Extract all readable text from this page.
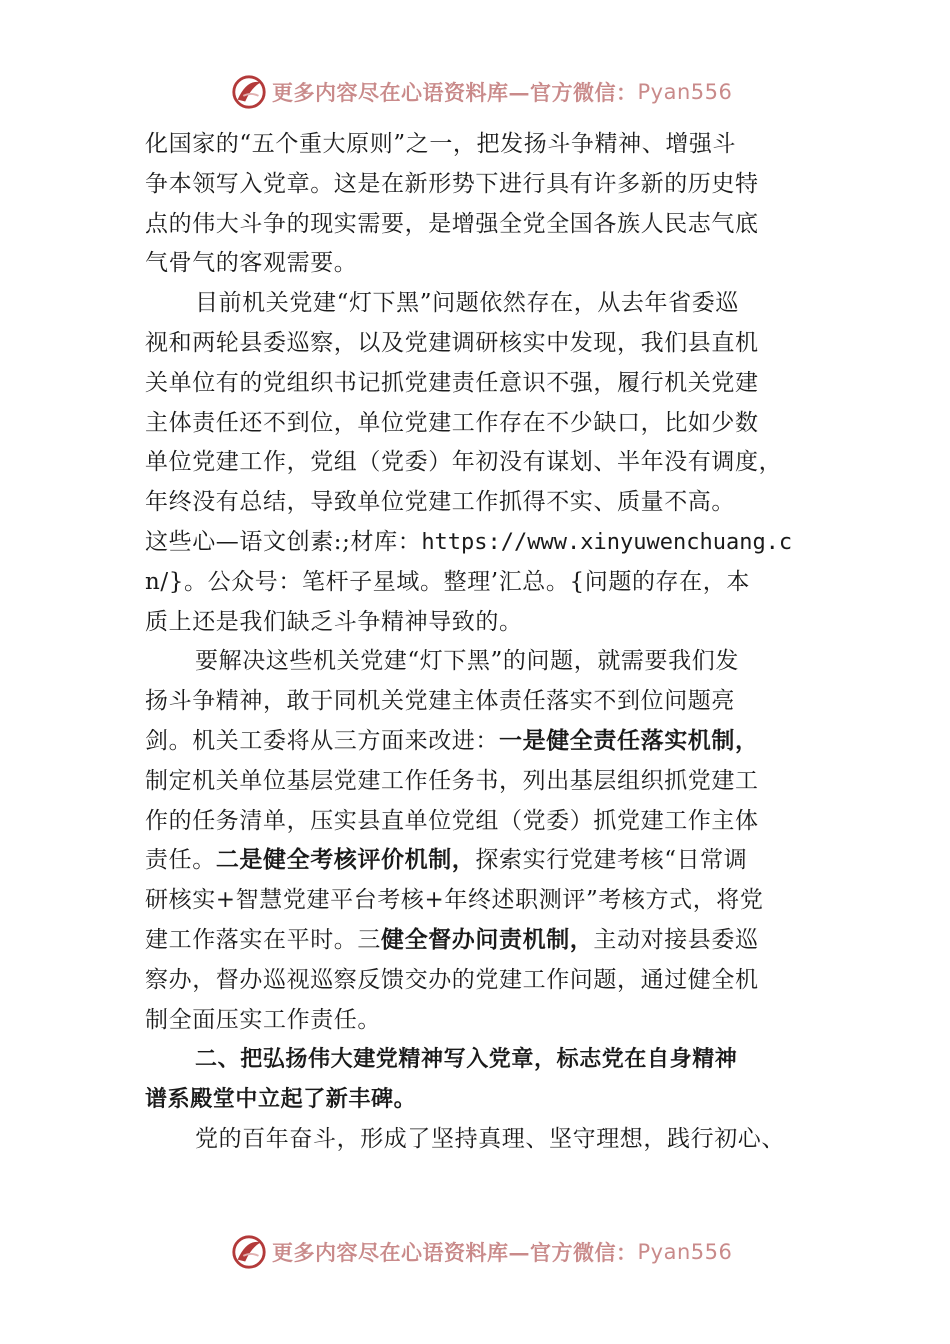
更多内容尽在心语资料库—官方微信： Pyan556
化国家的“五个重大原则”之一，把发扬斗争精神、增强斗
争本领写入党章。这是在新形势下进行具有许多新的历史特
点的伟大斗争的现实需要，是增强全党全国各族人民志气底
气骨气的客观需要。
目前机关党建“灯下黑”问题依然存在，从去年省委巡
视和两轮县委巡察，以及党建调研核实中发现，我们县直机
关单位有的党组织书记抓党建责任意识不强，履行机关党建
主体责任还不到位，单位党建工作存在不少缺口，比如少数
单位党建工作，党组（党委）年初没有谋划、半年没有调度，
年终没有总结，导致单位党建工作抓得不实、质量不高。
这些心—语文创素:;材库：https://www.xinyuwenchuang.c
n/}。公众号：笔杆子星域。整理’汇总。{问题的存在，本
质上还是我们缺乏斗争精神导致的。
要解决这些机关党建“灯下黑”的问题，就需要我们发
扬斗争精神，敢于同机关党建主体责任落实不到位问题亮
剑。机关工委将从三方面来改进：一是健全责任落实机制，
制定机关单位基层党建工作任务书，列出基层组织抓党建工
作的任务清单，压实县直单位党组（党委）抓党建工作主体
责任。二是健全考核评价机制，探索实行党建考核“日常调
研核实+智慧党建平台考核+年终述职测评”考核方式，将党
建工作落实在平时。三健全督办问责机制，主动对接县委巡
察办，督办巡视巡察反馈交办的党建工作问题，通过健全机
制全面压实工作责任。
二、把弘扬伟大建党精神写入党章，标志党在自身精神
谱系殿堂中立起了新丰碑。
党的百年奋斗，形成了坚持真理、坚守理想，践行初心、
更多内容尽在心语资料库—官方微信： Pyan556
